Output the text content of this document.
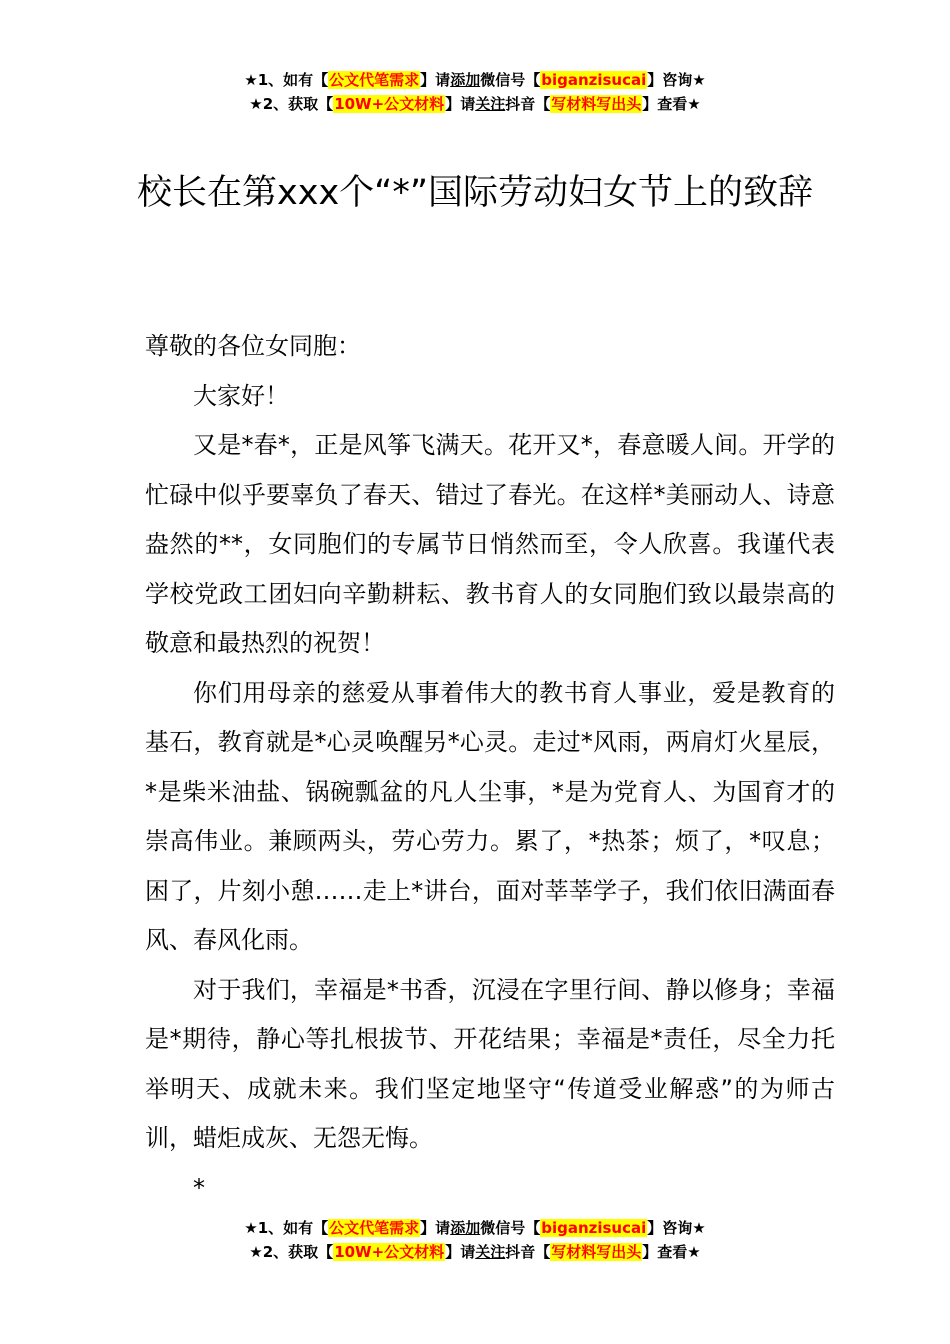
★1、如有【公文代笔需求】请添加微信号【biganzisucai】咨询★
★2、获取【10W+公文材料】请关注抖音【写材料写出头】查看★
校长在第xxx个“*”国际劳动妇女节上的致辞

尊敬的各位女同胞：

大家好！

又是*春*，正是风筝飞满天。花开又*，春意暖人间。开学的忙碌中似乎要辜负了春天、错过了春光。在这样*美丽动人、诗意盎然的**，女同胞们的专属节日悄然而至，令人欣喜。我谨代表学校党政工团妇向辛勤耕耘、教书育人的女同胞们致以最崇高的敬意和最热烈的祝贺！

你们用母亲的慈爱从事着伟大的教书育人事业，爱是教育的基石，教育就是*心灵唤醒另*心灵。走过*风雨，两肩灯火星辰，*是柴米油盐、锅碗瓢盆的凡人尘事，*是为党育人、为国育才的崇高伟业。兼顾两头，劳心劳力。累了，*热茶；烦了，*叹息；困了，片刻小憩……走上*讲台，面对莘莘学子，我们依旧满面春风、春风化雨。

对于我们，幸福是*书香，沉浸在字里行间、静以修身；幸福是*期待，静心等扎根拔节、开花结果；幸福是*责任，尽全力托举明天、成就未来。我们坚定地坚守“传道受业解惑”的为师古训，蜡炬成灰、无怨无悔。

*

★1、如有【公文代笔需求】请添加微信号【biganzisucai】咨询★
★2、获取【10W+公文材料】请关注抖音【写材料写出头】查看★
